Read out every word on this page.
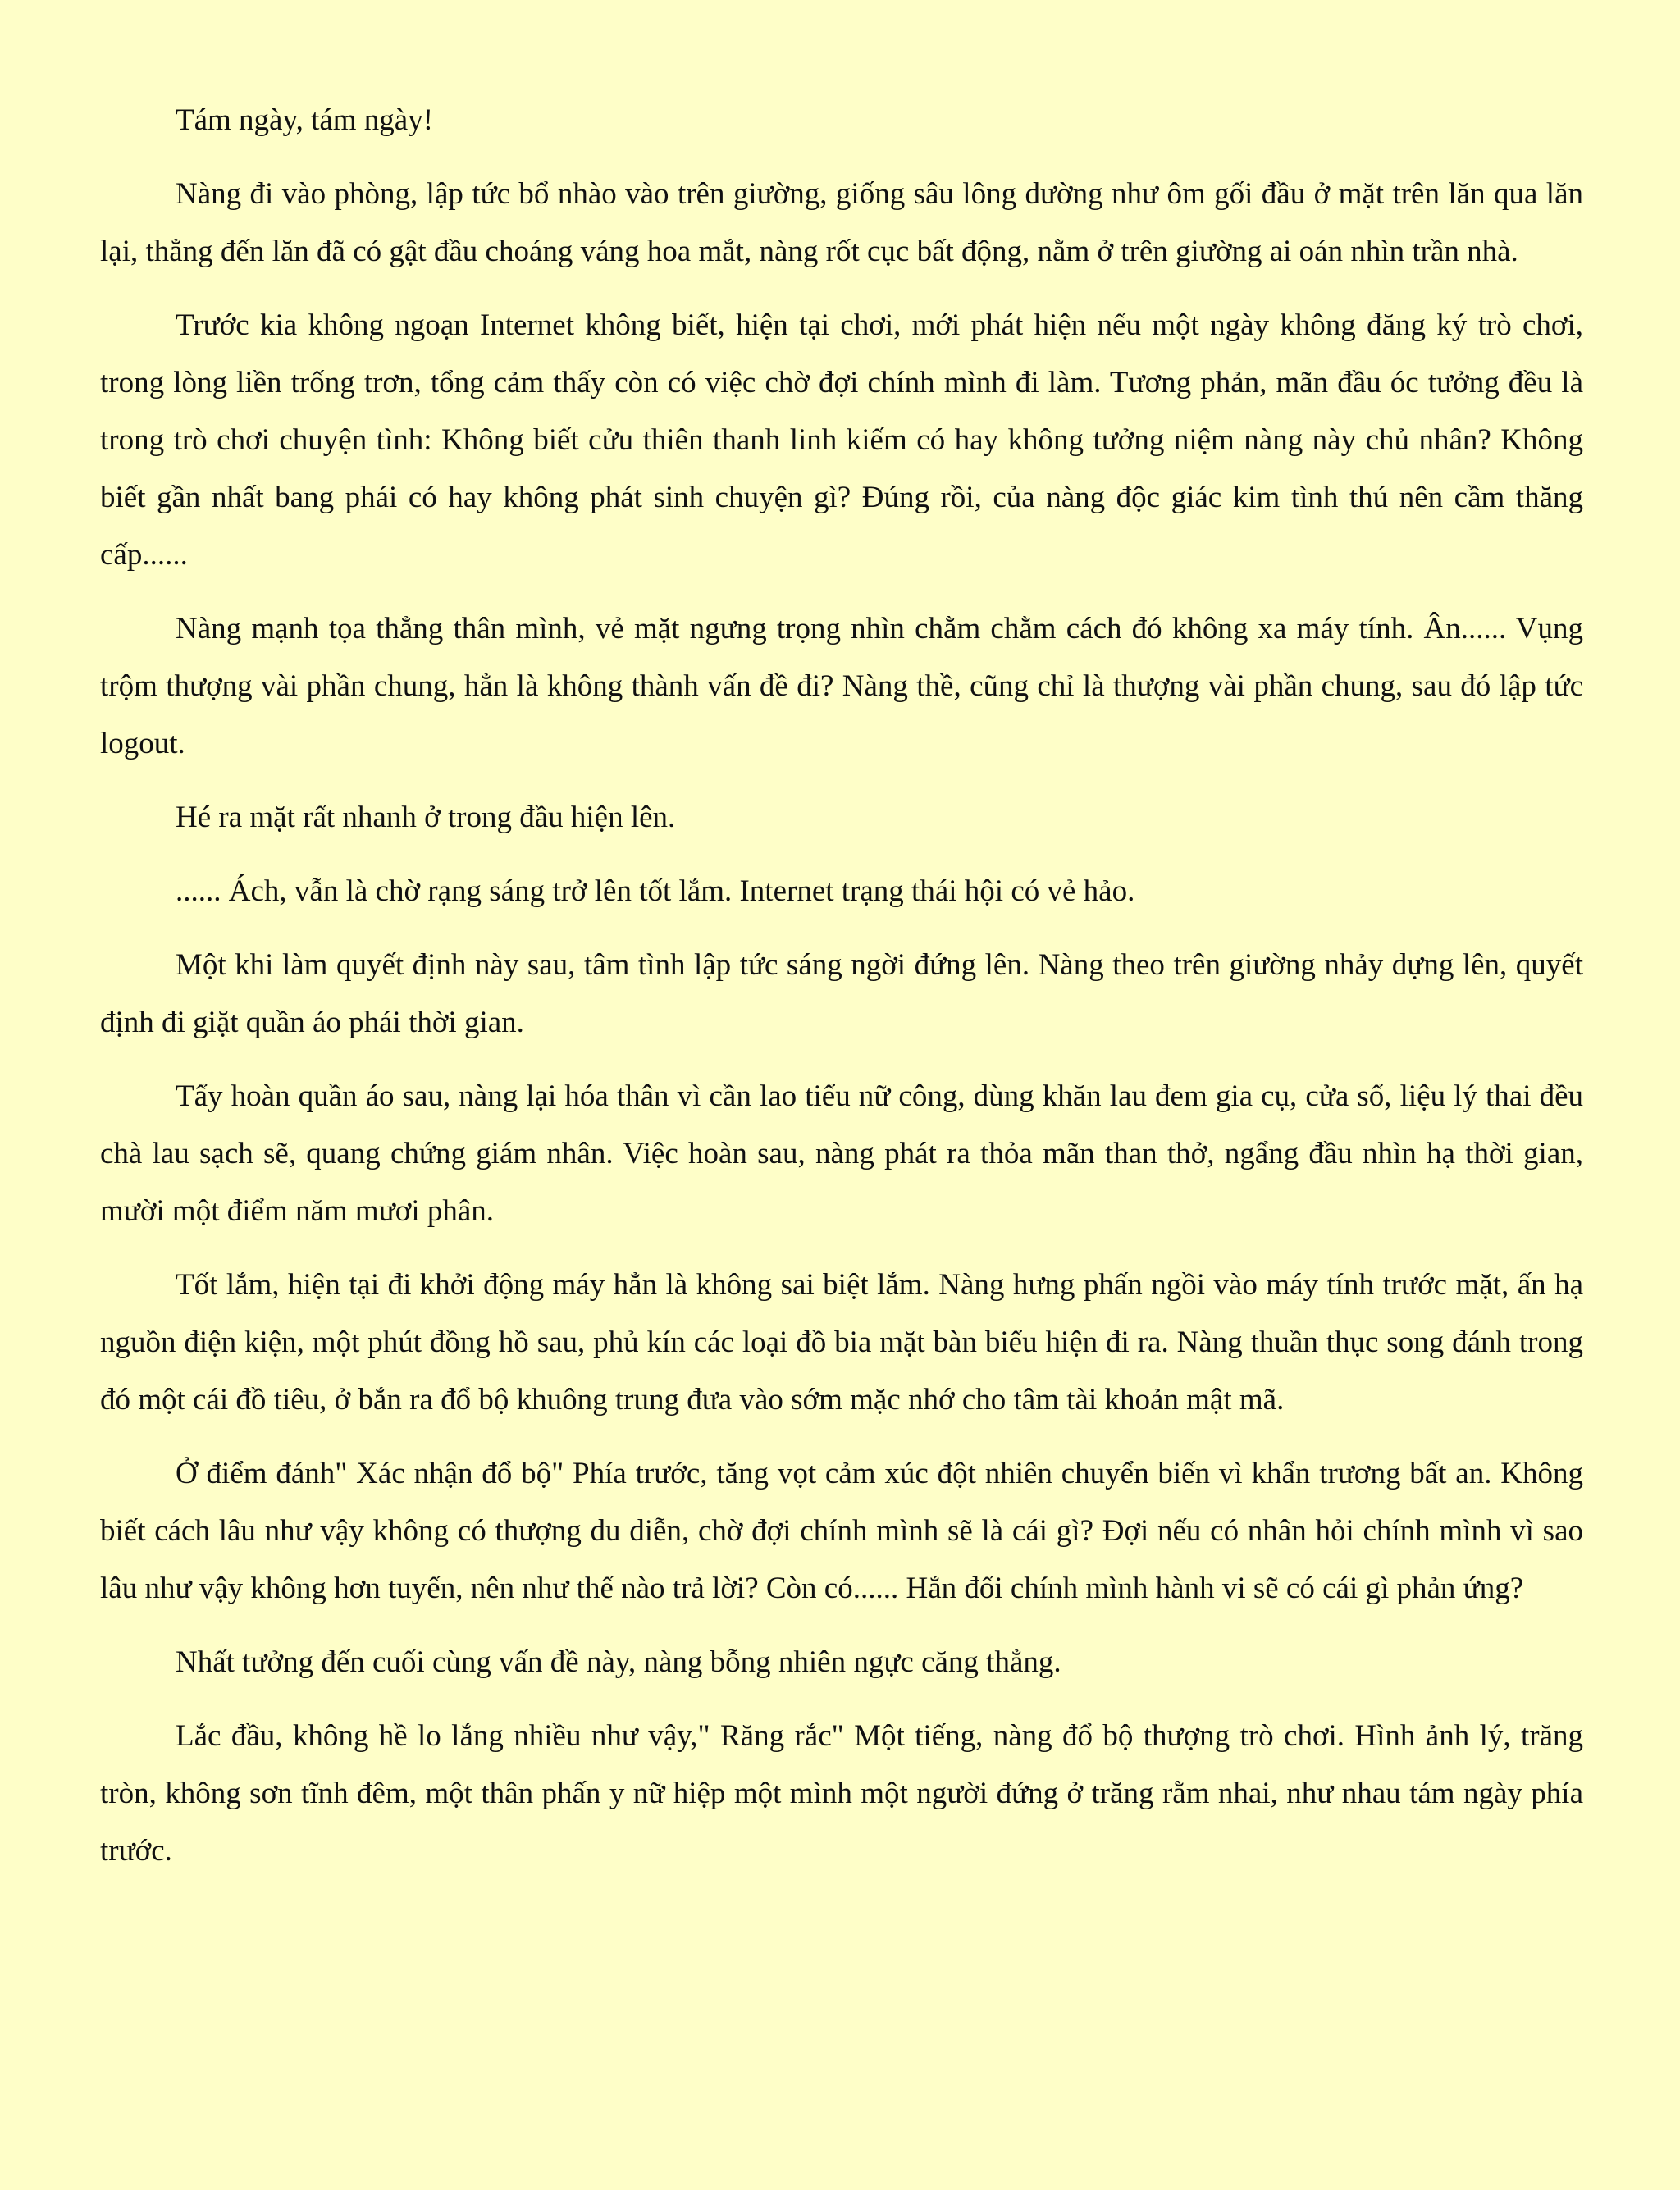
Tám ngày, tám ngày!

Nàng đi vào phòng, lập tức bổ nhào vào trên giường, giống sâu lông dường như ôm gối đầu ở mặt trên lăn qua lăn lại, thẳng đến lăn đã có gật đầu choáng váng hoa mắt, nàng rốt cục bất động, nằm ở trên giường ai oán nhìn trần nhà.

Trước kia không ngoạn Internet không biết, hiện tại chơi, mới phát hiện nếu một ngày không đăng ký trò chơi, trong lòng liền trống trơn, tổng cảm thấy còn có việc chờ đợi chính mình đi làm. Tương phản, mãn đầu óc tưởng đều là trong trò chơi chuyện tình: Không biết cửu thiên thanh linh kiếm có hay không tưởng niệm nàng này chủ nhân? Không biết gần nhất bang phái có hay không phát sinh chuyện gì? Đúng rồi, của nàng độc giác kim tình thú nên cầm thăng cấp......

Nàng mạnh tọa thẳng thân mình, vẻ mặt ngưng trọng nhìn chằm chằm cách đó không xa máy tính. Ân...... Vụng trộm thượng vài phần chung, hẳn là không thành vấn đề đi? Nàng thề, cũng chỉ là thượng vài phần chung, sau đó lập tức logout.

Hé ra mặt rất nhanh ở trong đầu hiện lên.

...... Ách, vẫn là chờ rạng sáng trở lên tốt lắm. Internet trạng thái hội có vẻ hảo.

Một khi làm quyết định này sau, tâm tình lập tức sáng ngời đứng lên. Nàng theo trên giường nhảy dựng lên, quyết định đi giặt quần áo phái thời gian.

Tẩy hoàn quần áo sau, nàng lại hóa thân vì cần lao tiểu nữ công, dùng khăn lau đem gia cụ, cửa sổ, liệu lý thai đều chà lau sạch sẽ, quang chứng giám nhân. Việc hoàn sau, nàng phát ra thỏa mãn than thở, ngẩng đầu nhìn hạ thời gian, mười một điểm năm mươi phân.

Tốt lắm, hiện tại đi khởi động máy hẳn là không sai biệt lắm. Nàng hưng phấn ngồi vào máy tính trước mặt, ấn hạ nguồn điện kiện, một phút đồng hồ sau, phủ kín các loại đồ bia mặt bàn biểu hiện đi ra. Nàng thuần thục song đánh trong đó một cái đồ tiêu, ở bắn ra đổ bộ khuông trung đưa vào sớm mặc nhớ cho tâm tài khoản mật mã.

Ở điểm đánh" Xác nhận đổ bộ" Phía trước, tăng vọt cảm xúc đột nhiên chuyển biến vì khẩn trương bất an. Không biết cách lâu như vậy không có thượng du diễn, chờ đợi chính mình sẽ là cái gì? Đợi nếu có nhân hỏi chính mình vì sao lâu như vậy không hơn tuyến, nên như thế nào trả lời? Còn có...... Hắn đối chính mình hành vi sẽ có cái gì phản ứng?

Nhất tưởng đến cuối cùng vấn đề này, nàng bỗng nhiên ngực căng thẳng.

Lắc đầu, không hề lo lắng nhiều như vậy," Răng rắc" Một tiếng, nàng đổ bộ thượng trò chơi. Hình ảnh lý, trăng tròn, không sơn tĩnh đêm, một thân phấn y nữ hiệp một mình một người đứng ở trăng rằm nhai, như nhau tám ngày phía trước.
